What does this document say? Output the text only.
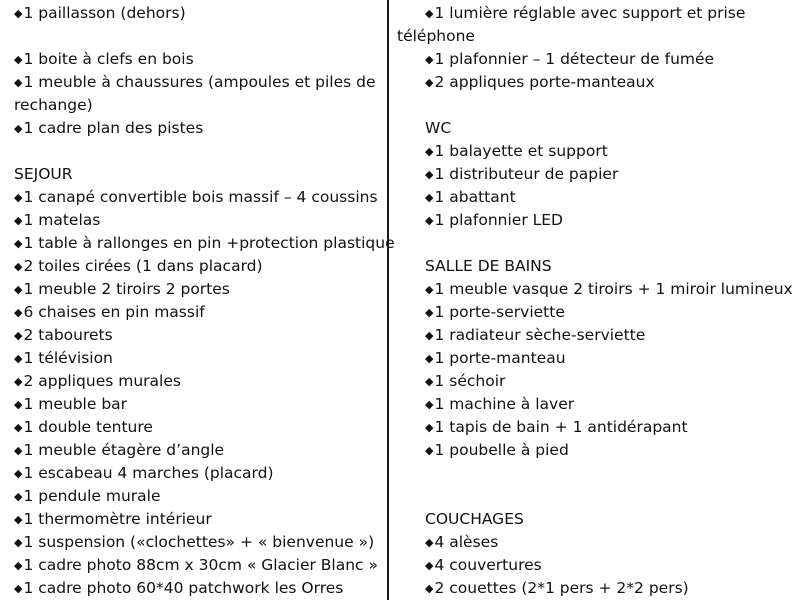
◆1 paillasson (dehors)
◆1 boite à clefs en bois
◆1 meuble à chaussures (ampoules et piles de
rechange)
◆1 cadre plan des pistes
SEJOUR
◆1 canapé convertible bois massif – 4 coussins
◆1 matelas
◆1 table à rallonges en pin +protection plastique
◆2 toiles cirées (1 dans placard)
◆1 meuble 2 tiroirs 2 portes
◆6 chaises en pin massif
◆2 tabourets
◆1 télévision
◆2 appliques murales
◆1 meuble bar
◆1 double tenture
◆1 meuble étagère d’angle
◆1 escabeau 4 marches (placard)
◆1 pendule murale
◆1 thermomètre intérieur
◆1 suspension («clochettes» + « bienvenue »)
◆1 cadre photo 88cm x 30cm « Glacier Blanc »
◆1 cadre photo 60*40 patchwork les Orres
◆1 lumière réglable avec support et prise
téléphone
◆1 plafonnier – 1 détecteur de fumée
◆2 appliques porte-manteaux
WC
◆1 balayette et support
◆1 distributeur de papier
◆1 abattant
◆1 plafonnier LED
SALLE DE BAINS
◆1 meuble vasque 2 tiroirs + 1 miroir lumineux
◆1 porte-serviette
◆1 radiateur sèche-serviette
◆1 porte-manteau
◆1 séchoir
◆1 machine à laver
◆1 tapis de bain + 1 antidérapant
◆1 poubelle à pied
COUCHAGES
◆4 alèses
◆4 couvertures
◆2 couettes (2*1 pers + 2*2 pers)
